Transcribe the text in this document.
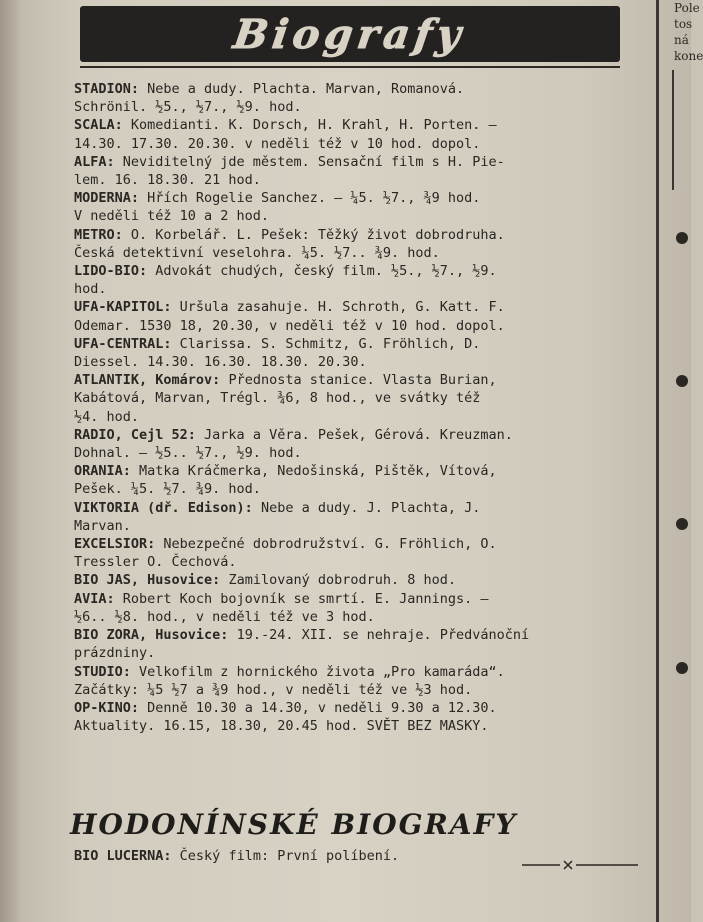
Biografy

STADION: Nebe a dudy. Plachta. Marvan, Romanová.
Schrönil. ½5., ½7., ½9. hod.

SCALA: Komedianti. K. Dorsch, H. Krahl, H. Porten. —
14.30. 17.30. 20.30. v neděli též v 10 hod. dopol.

ALFA: Neviditelný jde městem. Sensační film s H. Pie-
lem. 16. 18.30. 21 hod.

MODERNA: Hřích Rogelie Sanchez. — ¼5. ½7., ¾9 hod.
V neděli též 10 a 2 hod.

METRO: O. Korbelář. L. Pešek: Těžký život dobrodruha.
Česká detektivní veselohra. ¼5. ½7.. ¾9. hod.

LIDO-BIO: Advokát chudých, český film. ½5., ½7., ½9.
hod.

UFA-KAPITOL: Uršula zasahuje. H. Schroth, G. Katt. F.
Odemar. 1530 18, 20.30, v neděli též v 10 hod. dopol.

UFA-CENTRAL: Clarissa. S. Schmitz, G. Fröhlich, D.
Diessel. 14.30. 16.30. 18.30. 20.30.

ATLANTIK, Komárov: Přednosta stanice. Vlasta Burian,
Kabátová, Marvan, Trégl. ¾6, 8 hod., ve svátky též
½4. hod.

RADIO, Cejl 52: Jarka a Věra. Pešek, Gérová. Kreuzman.
Dohnal. — ½5.. ½7., ½9. hod.

ORANIA: Matka Kráčmerka, Nedošinská, Pištěk, Vítová,
Pešek. ¼5. ½7. ¾9. hod.

VIKTORIA (dř. Edison): Nebe a dudy. J. Plachta, J.
Marvan.

EXCELSIOR: Nebezpečné dobrodružství. G. Fröhlich, O.
Tressler O. Čechová.

BIO JAS, Husovice: Zamilovaný dobrodruh. 8 hod.

AVIA: Robert Koch bojovník se smrtí. E. Jannings. —
½6.. ½8. hod., v neděli též ve 3 hod.

BIO ZORA, Husovice: 19.-24. XII. se nehraje. Předvánoční
prázdniny.

STUDIO: Velkofilm z hornického života „Pro kamaráda“.
Začátky: ¼5 ½7 a ¾9 hod., v neděli též ve ½3 hod.

OP-KINO: Denně 10.30 a 14.30, v neděli 9.30 a 12.30.
Aktuality. 16.15, 18.30, 20.45 hod. SVĚT BEZ MASKY.

HODONÍNSKÉ BIOGRAFY
BIO LUCERNA: Český film: První políbení.
Pole
tos
ná
kone
